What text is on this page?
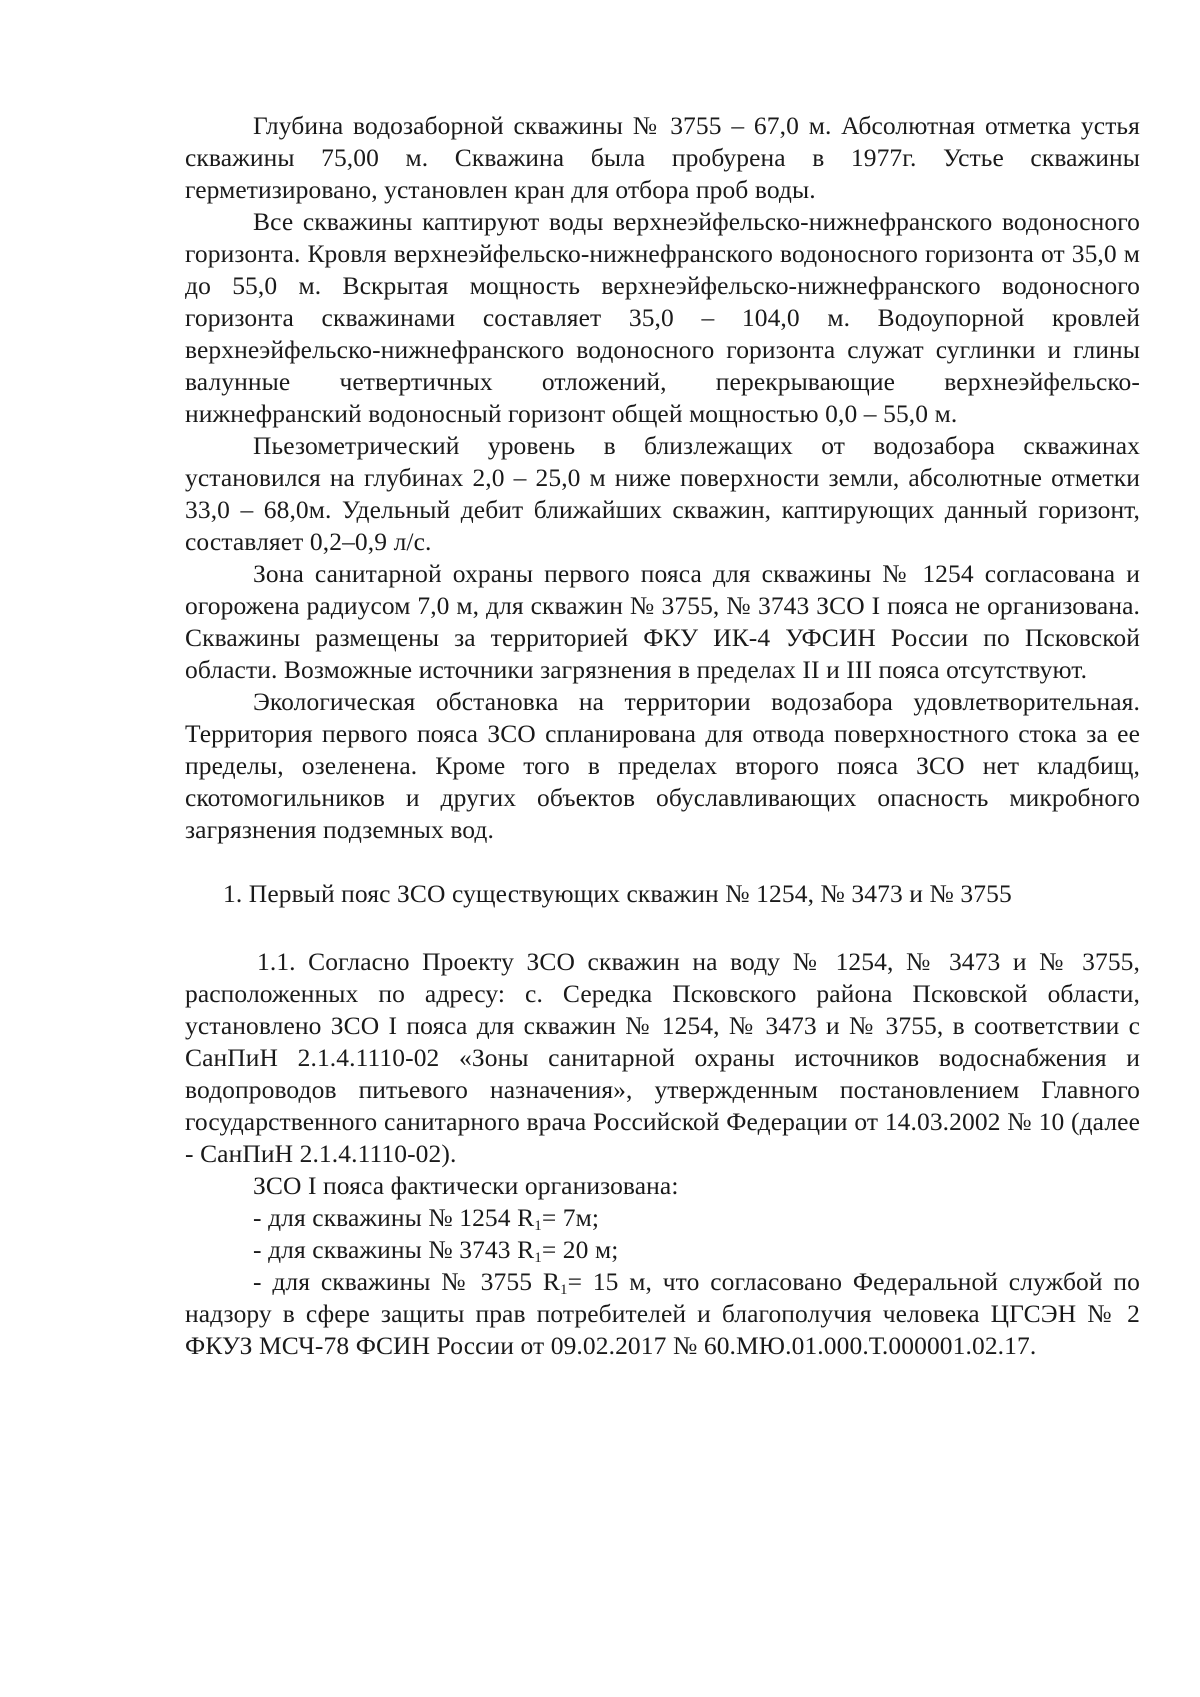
Глубина водозаборной скважины № 3755 – 67,0 м. Абсолютная отметка устья скважины 75,00 м. Скважина была пробурена в 1977г. Устье скважины герметизировано, установлен кран для отбора проб воды.

Все скважины каптируют воды верхнеэйфельско-нижнефранского водоносного горизонта. Кровля верхнеэйфельско-нижнефранского водоносного горизонта от 35,0 м до 55,0 м. Вскрытая мощность верхнеэйфельско-нижнефранского водоносного горизонта скважинами составляет 35,0 – 104,0 м. Водоупорной кровлей верхнеэйфельско-нижнефранского водоносного горизонта служат суглинки и глины валунные четвертичных отложений, перекрывающие верхнеэйфельско-нижнефранский водоносный горизонт общей мощностью 0,0 – 55,0 м.

Пьезометрический уровень в близлежащих от водозабора скважинах установился на глубинах 2,0 – 25,0 м ниже поверхности земли, абсолютные отметки 33,0 – 68,0м. Удельный дебит ближайших скважин, каптирующих данный горизонт, составляет 0,2–0,9 л/с.

Зона санитарной охраны первого пояса для скважины № 1254 согласована и огорожена радиусом 7,0 м, для скважин № 3755, № 3743 ЗСО I пояса не организована. Скважины размещены за территорией ФКУ ИК-4 УФСИН России по Псковской области. Возможные источники загрязнения в пределах II и III пояса отсутствуют.

Экологическая обстановка на территории водозабора удовлетворительная. Территория первого пояса ЗСО спланирована для отвода поверхностного стока за ее пределы, озеленена. Кроме того в пределах второго пояса ЗСО нет кладбищ, скотомогильников и других объектов обуславливающих опасность микробного загрязнения подземных вод.

1. Первый пояс ЗСО существующих скважин № 1254, № 3473 и № 3755

1.1. Согласно Проекту ЗСО скважин на воду № 1254, № 3473 и № 3755, расположенных по адресу: с. Середка Псковского района Псковской области, установлено ЗСО I пояса для скважин № 1254, № 3473 и № 3755, в соответствии с СанПиН 2.1.4.1110-02 «Зоны санитарной охраны источников водоснабжения и водопроводов питьевого назначения», утвержденным постановлением Главного государственного санитарного врача Российской Федерации от 14.03.2002 № 10 (далее - СанПиН 2.1.4.1110-02).

ЗСО I пояса фактически организована:

- для скважины № 1254 $R_1= 7м$;

- для скважины № 3743 $R_1= 20$ м;

- для скважины № 3755 $R_1= 15$ м, что согласовано Федеральной службой по надзору в сфере защиты прав потребителей и благополучия человека ЦГСЭН № 2 ФКУЗ МСЧ-78 ФСИН России от 09.02.2017 № 60.МЮ.01.000.Т.000001.02.17.
